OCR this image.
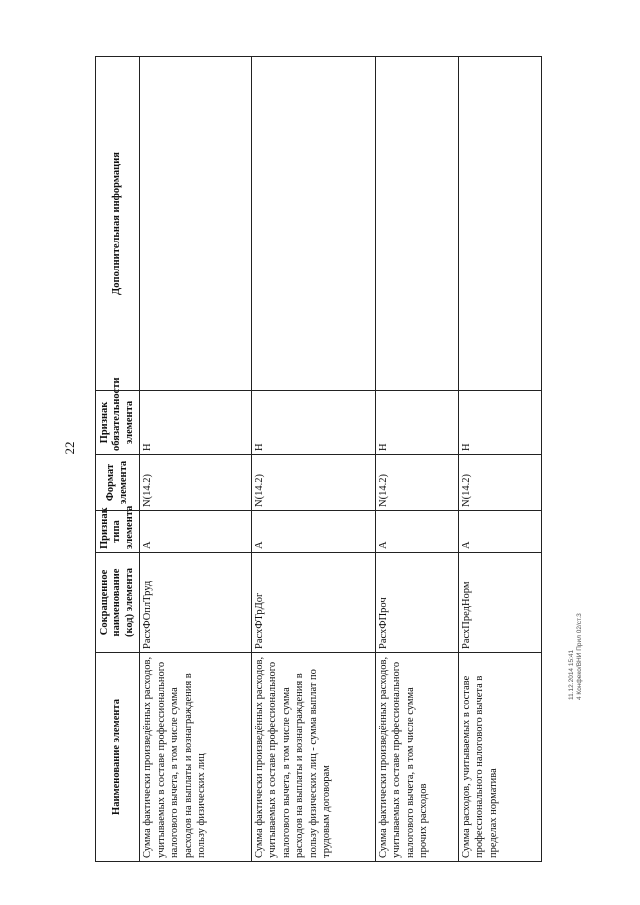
22
Наименование элемента	Сокращенное наименование (код) элемента	Признак типа элемента	Формат элемента	Признак обязательности элемента	Дополнительная информация
Сумма фактически произведённых расходов, учитываемых в составе профессионального налогового вычета, в том числе сумма расходов на выплаты и вознаграждения в пользу физических лиц	РасхФОплТруд	А	N(14.2)	Н	
Сумма фактически произведённых расходов, учитываемых в составе профессионального налогового вычета, в том числе сумма расходов на выплаты и вознаграждения в пользу физических лиц - сумма выплат по трудовым договорам	РасхФТрДог	А	N(14.2)	Н	
Сумма фактически произведённых расходов, учитываемых в составе профессионального налогового вычета, в том числе сумма прочих расходов	РасхФПроч	А	N(14.2)	Н	
Сумма расходов, учитываемых в составе профессионального налогового вычета в пределах норматива	РасхПредНорм	А	N(14.2)	Н	
11.12.2014 15:41 4 Конфеко/ВНИ Прил 02/ст.3
